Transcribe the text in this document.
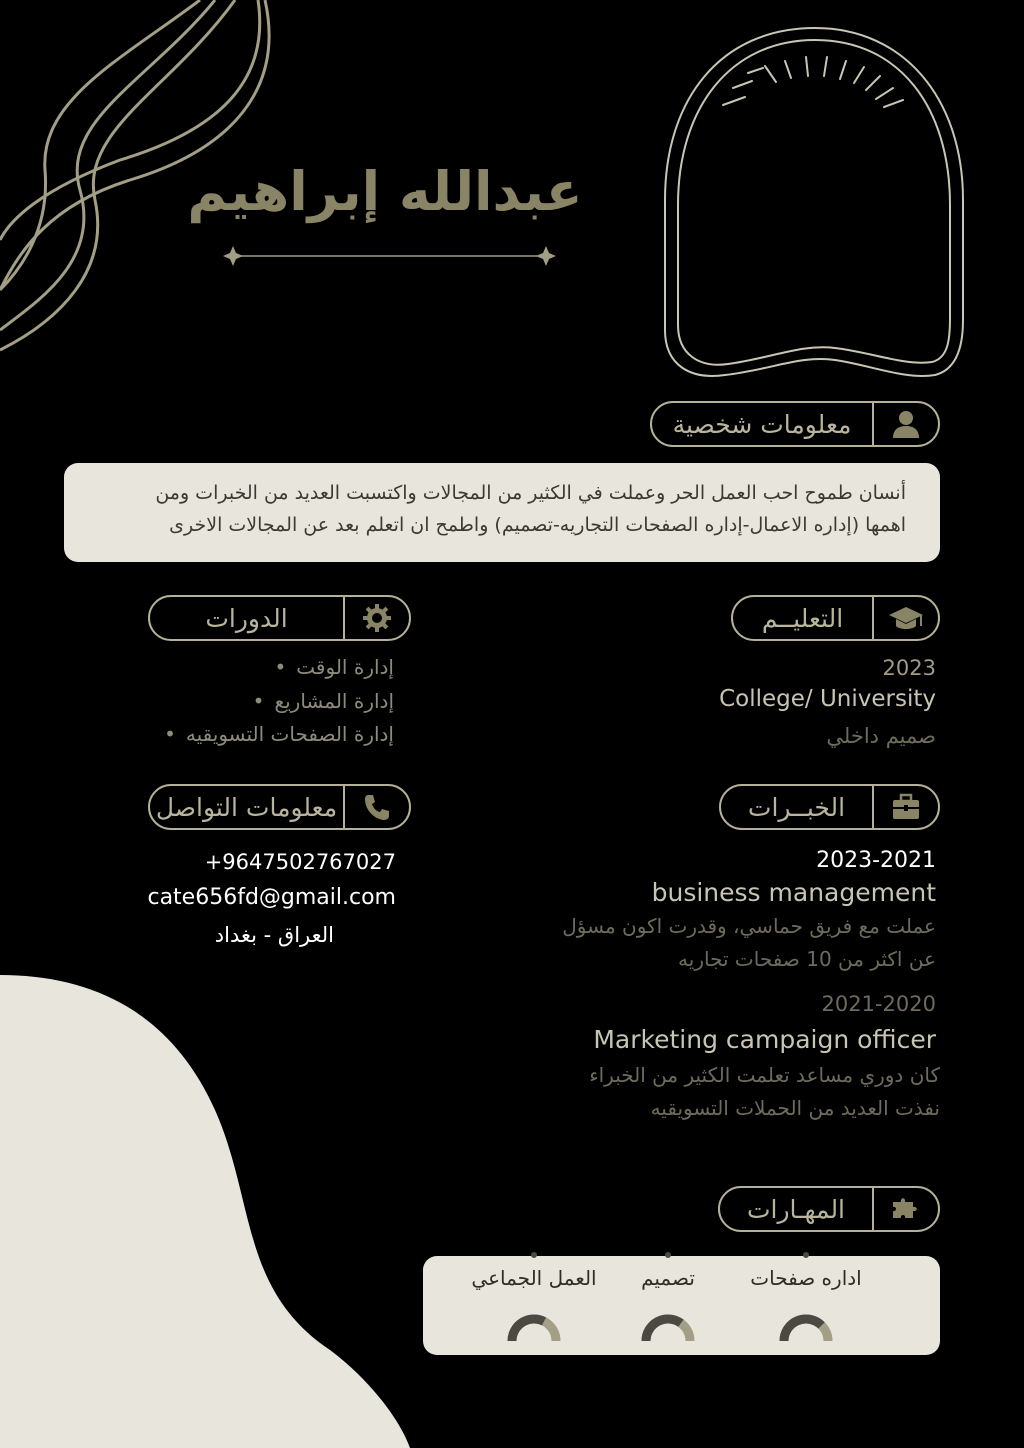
عبدالله إبراهيم
معلومات شخصية
أنسان طموح احب العمل الحر وعملت في الكثير من المجالات واكتسبت العديد من الخبرات ومن
اهمها (إداره الاعمال-إداره الصفحات التجاريه-تصميم) واطمح ان اتعلم بعد عن المجالات الاخرى
التعليــم
2023
College/ University
صميم داخلي
الدورات
إدارة الوقت•
إدارة المشاريع•
إدارة الصفحات التسويقيه•
معلومات التواصل
+9647502767027
cate656fd@gmail.com
العراق - بغداد
الخبــرات
2023-2021
business management
عملت مع فريق حماسي، وقدرت اكون مسؤل
عن اكثر من 10 صفحات تجاريه
2021-2020
Marketing campaign officer
كان دوري مساعد تعلمت الكثير من الخبراء
نفذت العديد من الحملات التسويقيه
المهـارات
اداره صفحات
تصميم
العمل الجماعي
